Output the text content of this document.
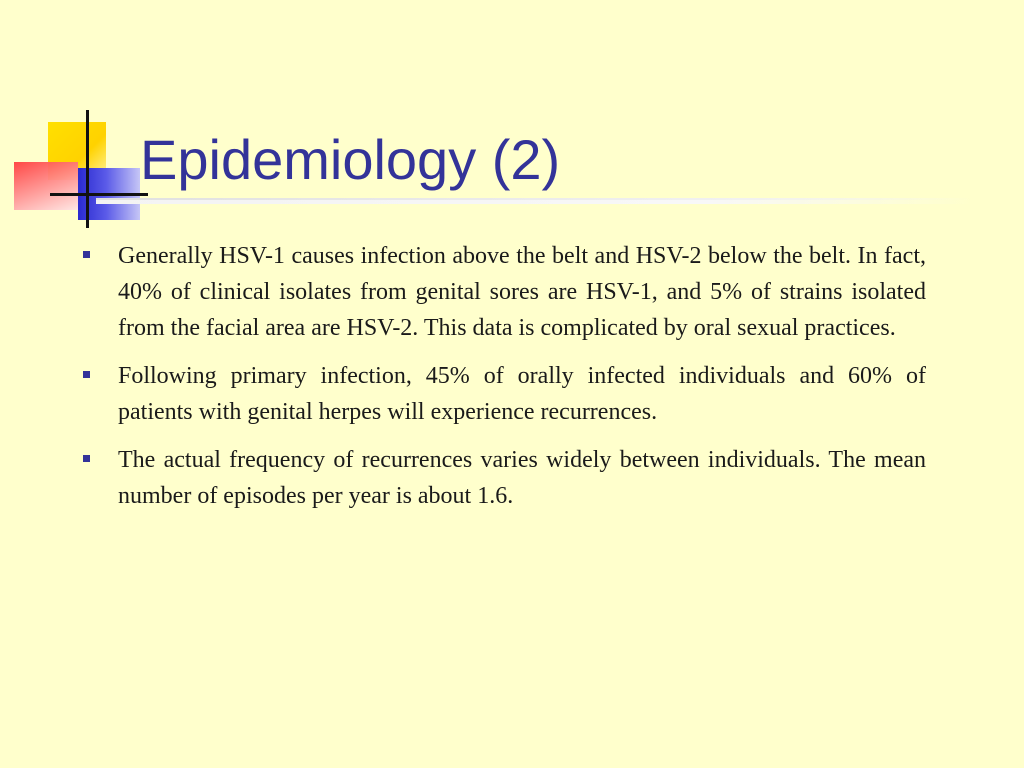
Epidemiology (2)
Generally HSV-1 causes infection above the belt and HSV-2 below the belt. In fact, 40% of clinical isolates from genital sores are HSV-1, and 5% of strains isolated from the facial area are HSV-2. This data is complicated by oral sexual practices.
Following primary infection, 45% of orally infected individuals and 60% of patients with genital herpes will experience recurrences.
The actual frequency of recurrences varies widely between individuals. The mean number of episodes per year is about 1.6.
